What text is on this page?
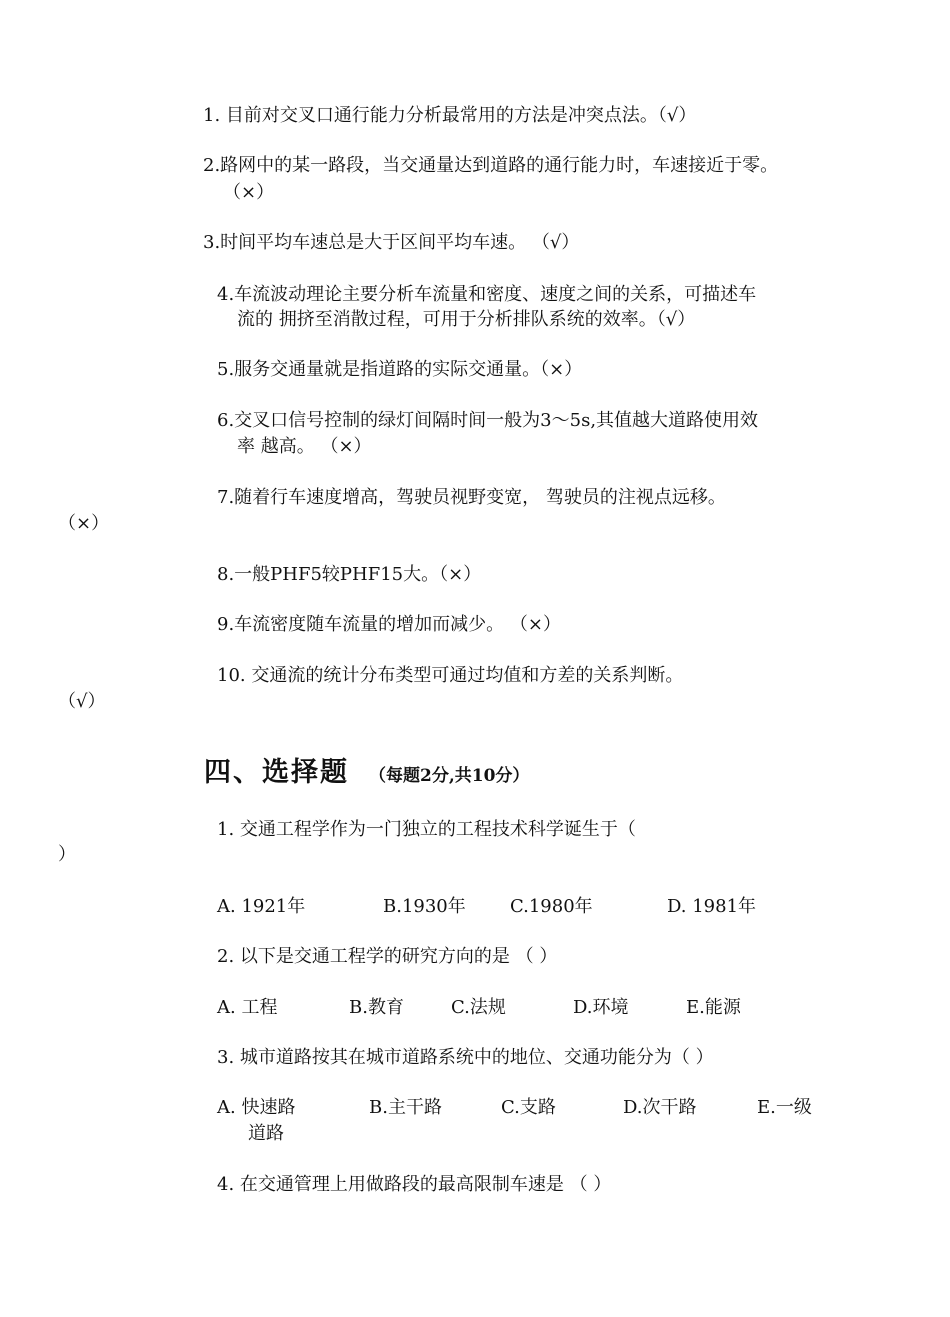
1. 目前对交叉口通行能力分析最常用的方法是冲突点法。（√）
2.路网中的某一路段，当交通量达到道路的通行能力时，车速接近于零。
（×）
3.时间平均车速总是大于区间平均车速。 （√）
4.车流波动理论主要分析车流量和密度、速度之间的关系，可描述车
流的 拥挤至消散过程，可用于分析排队系统的效率。（√）
5.服务交通量就是指道路的实际交通量。（×）
6.交叉口信号控制的绿灯间隔时间一般为3～5s,其值越大道路使用效
率 越高。 （×）
7.随着行车速度增高，驾驶员视野变宽， 驾驶员的注视点远移。
（×）
8.一般PHF5较PHF15大。（×）
9.车流密度随车流量的增加而减少。 （×）
10. 交通流的统计分布类型可通过均值和方差的关系判断。
（√）
四、选择题 （每题2分,共10分）
1. 交通工程学作为一门独立的工程技术科学诞生于（
）
A. 1921年	B.1930年 C.1980年	D. 1981年
2. 以下是交通工程学的研究方向的是 （ ）
A. 工程	B.教育	C.法规	D.环境	E.能源
3. 城市道路按其在城市道路系统中的地位、交通功能分为（ ）
A. 快速路	B.主干路	C.支路	D.次干路	E.一级
道路
4. 在交通管理上用做路段的最高限制车速是 （ ）
